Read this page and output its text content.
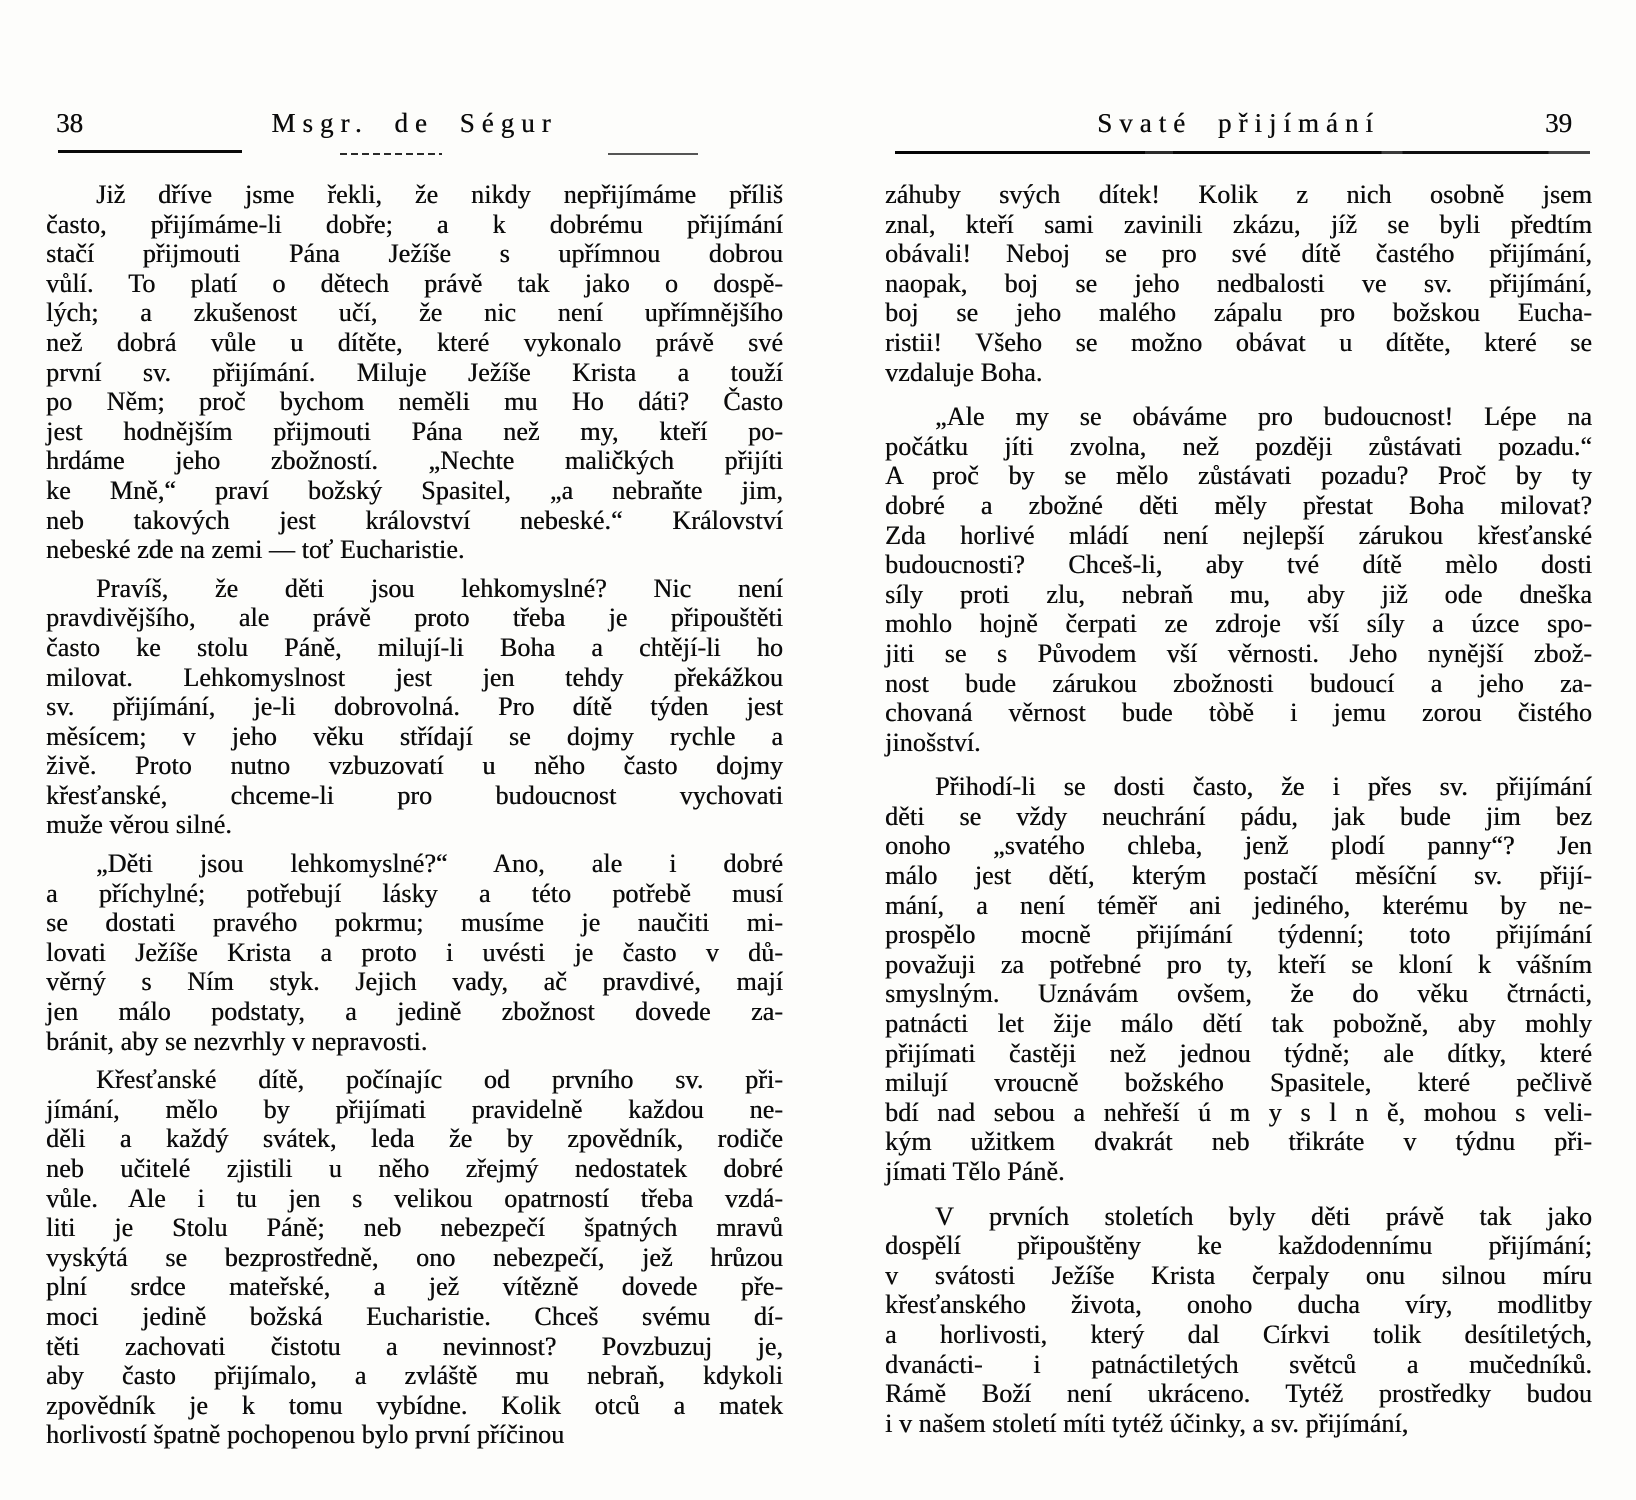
38	Msgr. de Ségur
Již dříve jsme řekli, že nikdy nepřijímáme příliš
často, přijímáme-li dobře; a k dobrému přijímání
stačí přijmouti Pána Ježíše s upřímnou dobrou
vůlí. To platí o dětech právě tak jako o dospě-
lých; a zkušenost učí, že nic není upřímnějšího
než dobrá vůle u dítěte, které vykonalo právě své
první sv. přijímání. Miluje Ježíše Krista a touží
po Něm; proč bychom neměli mu Ho dáti? Často
jest hodnějším přijmouti Pána než my, kteří po-
hrdáme jeho zbožností. „Nechte maličkých přijíti
ke Mně,“ praví božský Spasitel, „a nebraňte jim,
neb takových jest království nebeské.“ Království
nebeské zde na zemi — toť Eucharistie.
Pravíš, že děti jsou lehkomyslné? Nic není
pravdivějšího, ale právě proto třeba je připouštěti
často ke stolu Páně, milují-li Boha a chtějí-li ho
milovat. Lehkomyslnost jest jen tehdy překážkou
sv. přijímání, je-li dobrovolná. Pro dítě týden jest
měsícem; v jeho věku střídají se dojmy rychle a
živě. Proto nutno vzbuzovatí u něho často dojmy
křesťanské, chceme-li pro budoucnost vychovati
muže věrou silné.
„Děti jsou lehkomyslné?“ Ano, ale i dobré
a příchylné; potřebují lásky a této potřebě musí
se dostati pravého pokrmu; musíme je naučiti mi-
lovati Ježíše Krista a proto i uvésti je často v dů-
věrný s Ním styk. Jejich vady, ač pravdivé, mají
jen málo podstaty, a jedině zbožnost dovede za-
bránit, aby se nezvrhly v nepravosti.
Křesťanské dítě, počínajíc od prvního sv. při-
jímání, mělo by přijímati pravidelně každou ne-
děli a každý svátek, leda že by zpovědník, rodiče
neb učitelé zjistili u něho zřejmý nedostatek dobré
vůle. Ale i tu jen s velikou opatrností třeba vzdá-
liti je Stolu Páně; neb nebezpečí špatných mravů
vyskýtá se bezprostředně, ono nebezpečí, jež hrůzou
plní srdce mateřské, a jež vítězně dovede pře-
moci jedině božská Eucharistie. Chceš svému dí-
těti zachovati čistotu a nevinnost? Povzbuzuj je,
aby často přijímalo, a zvláště mu nebraň, kdykoli
zpovědník je k tomu vybídne. Kolik otců a matek
horlivostí špatně pochopenou bylo první příčinou
Svaté přijímání	39
záhuby svých dítek! Kolik z nich osobně jsem
znal, kteří sami zavinili zkázu, jíž se byli předtím
obávali! Neboj se pro své dítě častého přijímání,
naopak, boj se jeho nedbalosti ve sv. přijímání,
boj se jeho malého zápalu pro božskou Eucha-
ristii! Všeho se možno obávat u dítěte, které se
vzdaluje Boha.
„Ale my se obáváme pro budoucnost! Lépe na
počátku jíti zvolna, než později zůstávati pozadu.“
A proč by se mělo zůstávati pozadu? Proč by ty
dobré a zbožné děti měly přestat Boha milovat?
Zda horlivé mládí není nejlepší zárukou křesťanské
budoucnosti? Chceš-li, aby tvé dítě mèlo dosti
síly proti zlu, nebraň mu, aby již ode dneška
mohlo hojně čerpati ze zdroje vší síly a úzce spo-
jiti se s Původem vší věrnosti. Jeho nynější zbož-
nost bude zárukou zbožnosti budoucí a jeho za-
chovaná věrnost bude tòbě i jemu zorou čistého
jinošství.
Přihodí-li se dosti často, že i přes sv. přijímání
děti se vždy neuchrání pádu, jak bude jim bez
onoho „svatého chleba, jenž plodí panny“? Jen
málo jest dětí, kterým postačí měsíční sv. přijí-
mání, a není téměř ani jediného, kterému by ne-
prospělo mocně přijímání týdenní; toto přijímání
považuji za potřebné pro ty, kteří se kloní k vášním
smyslným. Uznávám ovšem, že do věku čtrnácti,
patnácti let žije málo dětí tak pobožně, aby mohly
přijímati častěji než jednou týdně; ale dítky, které
milují vroucně božského Spasitele, které pečlivě
bdí nad sebou a nehřeší ú m y s l n ě, mohou s veli-
kým užitkem dvakrát neb třikráte v týdnu při-
jímati Tělo Páně.
V prvních stoletích byly děti právě tak jako
dospělí připouštěny ke každodennímu přijímání;
v svátosti Ježíše Krista čerpaly onu silnou míru
křesťanského života, onoho ducha víry, modlitby
a horlivosti, který dal Církvi tolik desítiletých,
dvanácti- i patnáctiletých světců a mučedníků.
Rámě Boží není ukráceno. Tytéž prostředky budou
i v našem století míti tytéž účinky, a sv. přijímání,
